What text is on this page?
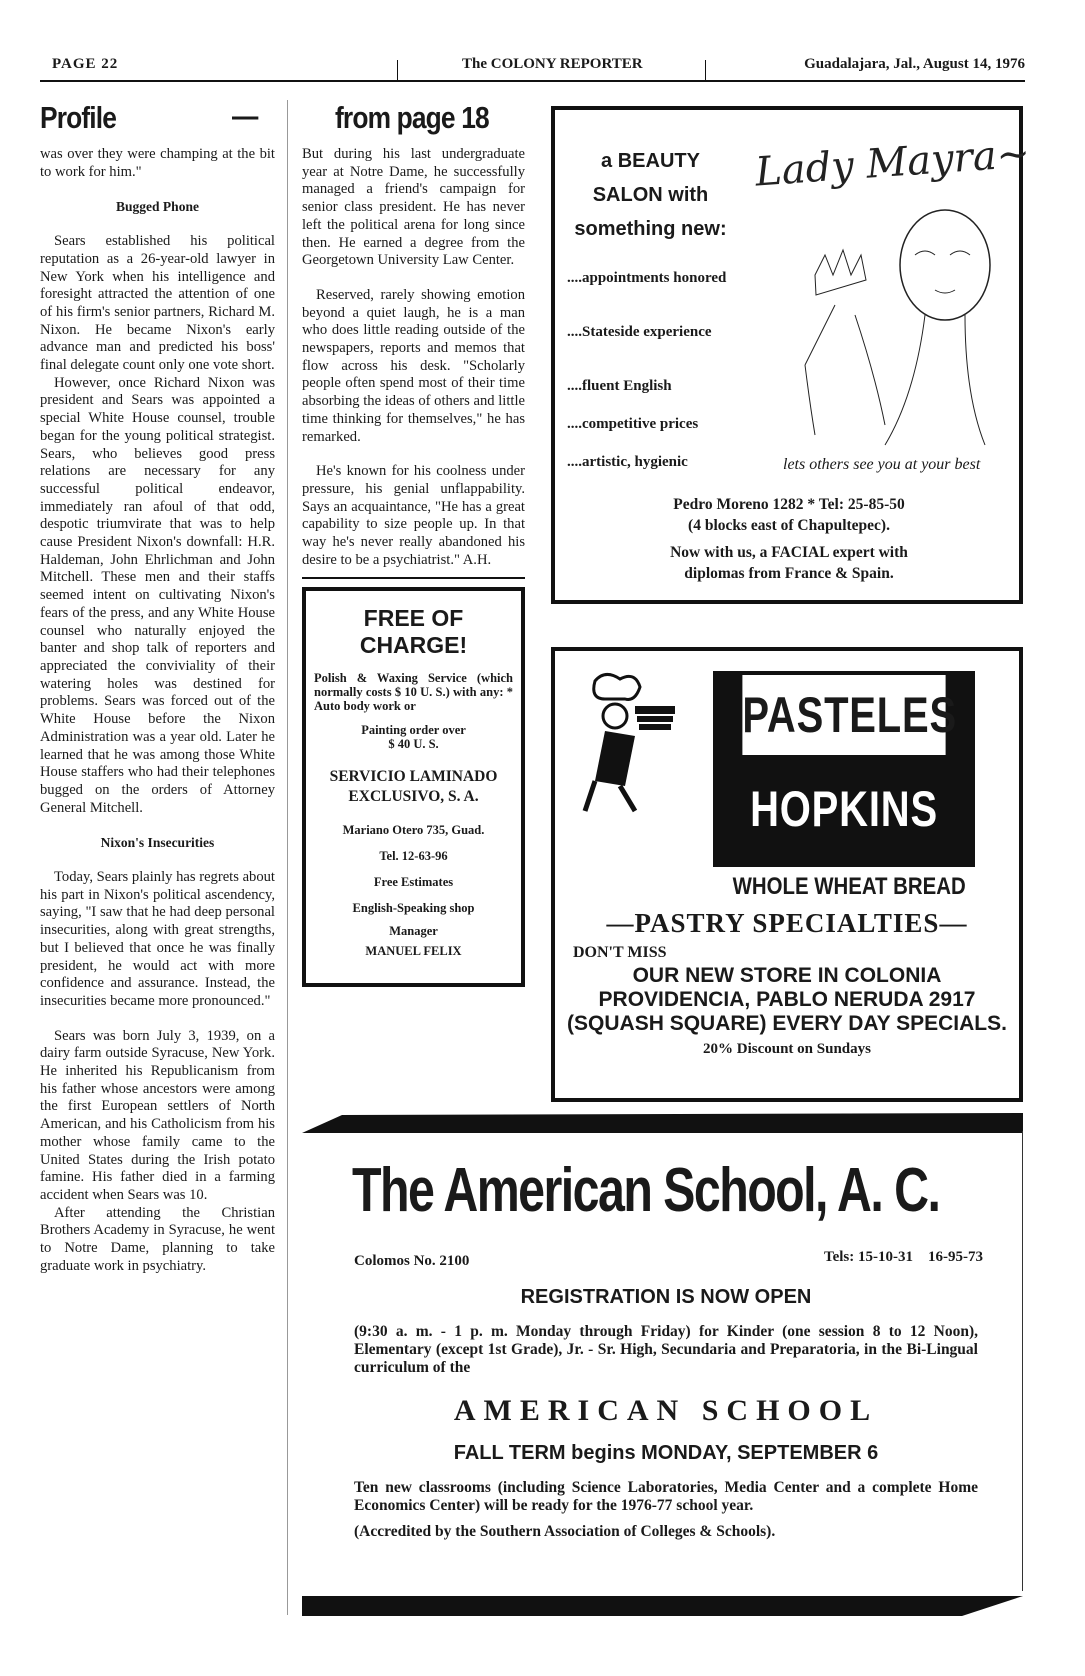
PAGE 22	The COLONY REPORTER	Guadalajara, Jal., August 14, 1976
Profile	—	from page 18

was over they were champing at the bit to work for him."

Bugged Phone

Sears established his political reputation as a 26-year-old lawyer in New York when his intelligence and foresight attracted the attention of one of his firm's senior partners, Richard M. Nixon. He became Nixon's early advance man and predicted his boss' final delegate count only one vote short.

However, once Richard Nixon was president and Sears was appointed a special White House counsel, trouble began for the young political strategist. Sears, who believes good press relations are necessary for any successful political endeavor, immediately ran afoul of that odd, despotic triumvirate that was to help cause President Nixon's downfall: H.R. Haldeman, John Ehrlichman and John Mitchell. These men and their staffs seemed intent on cultivating Nixon's fears of the press, and any White House counsel who naturally enjoyed the banter and shop talk of reporters and appreciated the conviviality of their watering holes was destined for problems. Sears was forced out of the White House before the Nixon Administration was a year old. Later he learned that he was among those White House staffers who had their telephones bugged on the orders of Attorney General Mitchell.

Nixon's Insecurities

Today, Sears plainly has regrets about his part in Nixon's political ascendency, saying, "I saw that he had deep personal insecurities, along with great strengths, but I believed that once he was finally president, he would act with more confidence and assurance. Instead, the insecurities became more pronounced."

Sears was born July 3, 1939, on a dairy farm outside Syracuse, New York. He inherited his Republicanism from his father whose ancestors were among the first European settlers of North American, and his Catholicism from his mother whose family came to the United States during the Irish potato famine. His father died in a farming accident when Sears was 10.

After attending the Christian Brothers Academy in Syracuse, he went to Notre Dame, planning to take graduate work in psychiatry.

But during his last undergraduate year at Notre Dame, he successfully managed a friend's campaign for senior class president. He has never left the political arena for long since then. He earned a degree from the Georgetown University Law Center.

Reserved, rarely showing emotion beyond a quiet laugh, he is a man who does little reading outside of the newspapers, reports and memos that flow across his desk. "Scholarly people often spend most of their time absorbing the ideas of others and little time thinking for themselves," he has remarked.

He's known for his coolness under pressure, his genial unflappability. Says an acquaintance, "He has a great capability to size people up. In that way he's never really abandoned his desire to be a psychiatrist." A.H.

FREE OF
CHARGE!

Polish & Waxing Service (which normally costs $ 10 U. S.) with any: * Auto body work or

Painting order over
$ 40 U. S.
SERVICIO LAMINADO
EXCLUSIVO, S. A.
Mariano Otero 735, Guad.
Tel. 12-63-96
Free Estimates
English-Speaking shop
Manager
MANUEL FELIX
a BEAUTY
SALON with
something new:
Lady Mayra~
....appointments honored
....Stateside experience
....fluent English
....competitive prices
....artistic, hygienic	lets others see you at your best
Pedro Moreno 1282 * Tel: 25-85-50
(4 blocks east of Chapultepec).
Now with us, a FACIAL expert with diplomas from France & Spain.
PASTELES
HOPKINS
WHOLE WHEAT BREAD
—PASTRY SPECIALTIES—
DON'T MISS
OUR NEW STORE IN COLONIA PROVIDENCIA, PABLO NERUDA 2917 (SQUASH SQUARE) EVERY DAY SPECIALS.
20% Discount on Sundays
The American School, A. C.
Colomos No. 2100	Tels: 15-10-31    16-95-73
REGISTRATION IS NOW OPEN
(9:30 a. m. - 1 p. m. Monday through Friday) for Kinder (one session 8 to 12 Noon), Elementary (except 1st Grade), Jr. - Sr. High, Secundaria and Preparatoria, in the Bi-Lingual curriculum of the
AMERICAN SCHOOL
FALL TERM begins MONDAY, SEPTEMBER 6
Ten new classrooms (including Science Laboratories, Media Center and a complete Home Economics Center) will be ready for the 1976-77 school year.
(Accredited by the Southern Association of Colleges & Schools).
